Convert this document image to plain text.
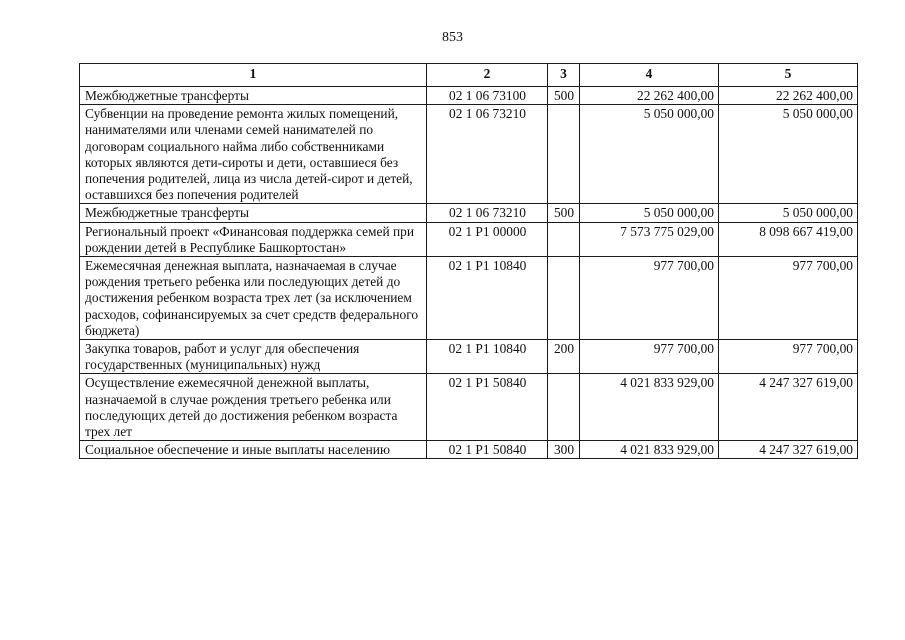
853
1	2	3	4	5
Межбюджетные трансферты	02 1 06 73100	500	22 262 400,00	22 262 400,00
Субвенции на проведение ремонта жилых помещений, нанимателями или членами семей нанимателей по договорам социального найма либо собственниками которых являются дети-сироты и дети, оставшиеся без попечения родителей, лица из числа детей-сирот и детей, оставшихся без попечения родителей	02 1 06 73210		5 050 000,00	5 050 000,00
Межбюджетные трансферты	02 1 06 73210	500	5 050 000,00	5 050 000,00
Региональный проект «Финансовая поддержка семей при рождении детей в Республике Башкортостан»	02 1 P1 00000		7 573 775 029,00	8 098 667 419,00
Ежемесячная денежная выплата, назначаемая в случае рождения третьего ребенка или последующих детей до достижения ребенком возраста трех лет (за исключением расходов, софинансируемых за счет средств федерального бюджета)	02 1 P1 10840		977 700,00	977 700,00
Закупка товаров, работ и услуг для обеспечения государственных (муниципальных) нужд	02 1 P1 10840	200	977 700,00	977 700,00
Осуществление ежемесячной денежной выплаты, назначаемой в случае рождения третьего ребенка или последующих детей до достижения ребенком возраста трех лет	02 1 P1 50840		4 021 833 929,00	4 247 327 619,00
Социальное обеспечение и иные выплаты населению	02 1 P1 50840	300	4 021 833 929,00	4 247 327 619,00
